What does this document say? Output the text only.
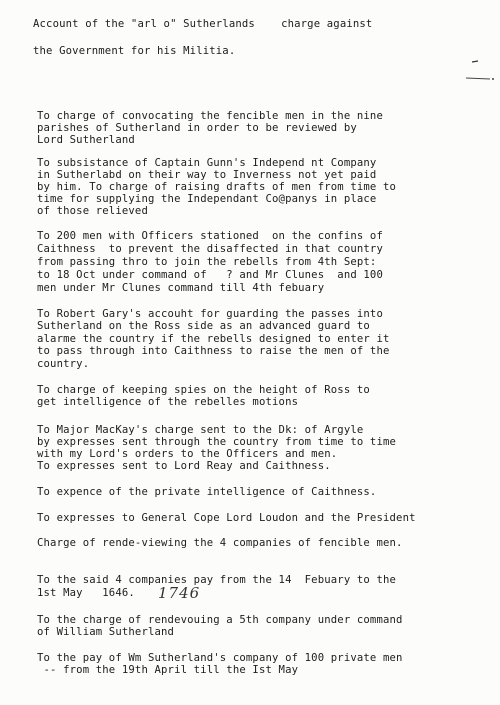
Account of the "arl o" Sutherlands    charge against

the Government for his Militia.

To charge of convocating the fencible men in the nine

parishes of Sutherland in order to be reviewed by

Lord Sutherland

To subsistance of Captain Gunn's Independ nt Company

in Sutherlabd on their way to Inverness not yet paid

by him. To charge of raising drafts of men from time to

time for supplying the Independant Co@panys in place

of those relieved

To 200 men with Officers stationed  on the confins of

Caithness  to prevent the disaffected in that country

from passing thro to join the rebells from 4th Sept:

to 18 Oct under command of   ? and Mr Clunes  and 100

men under Mr Clunes command till 4th febuary

To Robert Gary's accouht for guarding the passes into

Sutherland on the Ross side as an advanced guard to

alarme the country if the rebells designed to enter it

to pass through into Caithness to raise the men of the

country.

To charge of keeping spies on the height of Ross to

get intelligence of the rebelles motions

To Major MacKay's charge sent to the Dk: of Argyle

by expresses sent through the country from time to time

with my Lord's orders to the Officers and men.

To expresses sent to Lord Reay and Caithness.

To expence of the private intelligence of Caithness.

To expresses to General Cope Lord Loudon and the President

Charge of rende-viewing the 4 companies of fencible men.

To the said 4 companies pay from the 14  Febuary to the

1st May   1646. 1746

To the charge of rendevouing a 5th company under command

of William Sutherland

To the pay of Wm Sutherland's company of 100 private men

-- from the 19th April till the Ist May
